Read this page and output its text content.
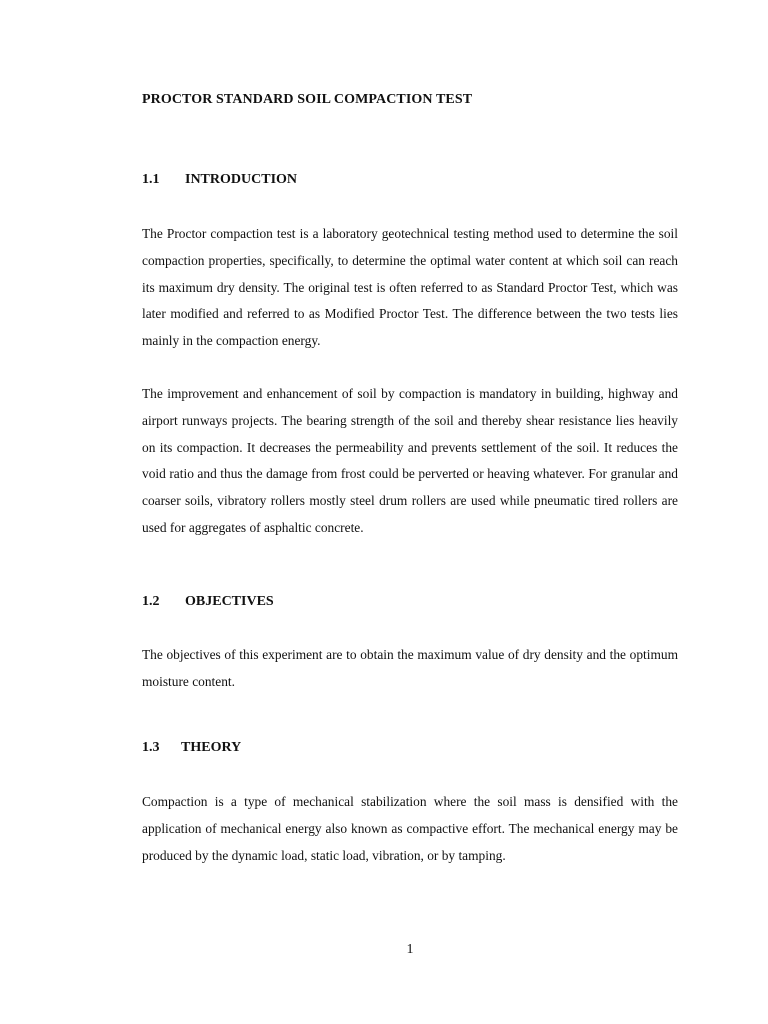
PROCTOR STANDARD SOIL COMPACTION TEST
1.1 INTRODUCTION

The Proctor compaction test is a laboratory geotechnical testing method used to determine the soil compaction properties, specifically, to determine the optimal water content at which soil can reach its maximum dry density. The original test is often referred to as Standard Proctor Test, which was later modified and referred to as Modified Proctor Test. The difference between the two tests lies mainly in the compaction energy.

The improvement and enhancement of soil by compaction is mandatory in building, highway and airport runways projects. The bearing strength of the soil and thereby shear resistance lies heavily on its compaction. It decreases the permeability and prevents settlement of the soil. It reduces the void ratio and thus the damage from frost could be perverted or heaving whatever. For granular and coarser soils, vibratory rollers mostly steel drum rollers are used while pneumatic tired rollers are used for aggregates of asphaltic concrete.

1.2 OBJECTIVES

The objectives of this experiment are to obtain the maximum value of dry density and the optimum moisture content.

1.3 THEORY

Compaction is a type of mechanical stabilization where the soil mass is densified with the application of mechanical energy also known as compactive effort. The mechanical energy may be produced by the dynamic load, static load, vibration, or by tamping.

1
